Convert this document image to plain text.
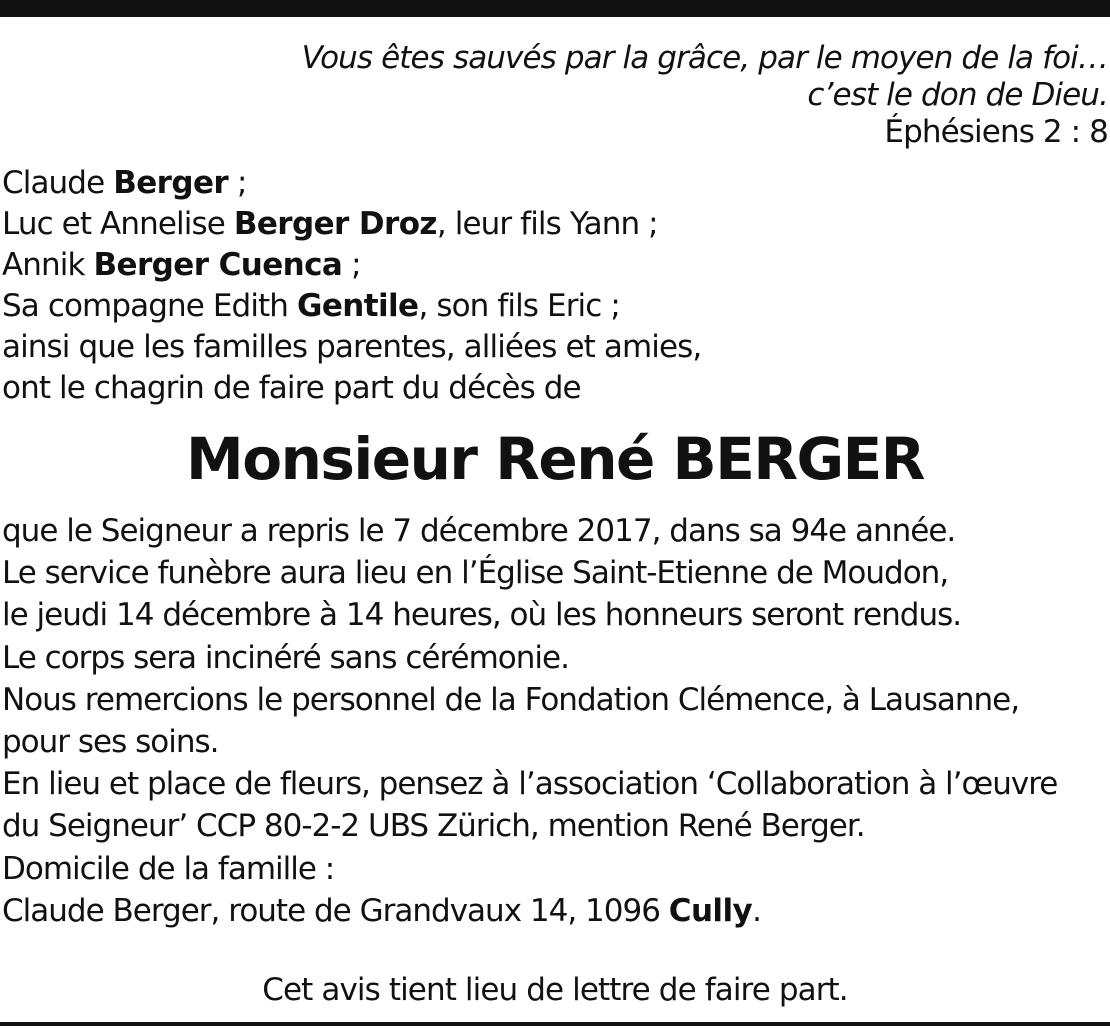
Vous êtes sauvés par la grâce, par le moyen de la foi…
c’est le don de Dieu.
Éphésiens 2 : 8
Claude Berger ;
Luc et Annelise Berger Droz, leur fils Yann ;
Annik Berger Cuenca ;
Sa compagne Edith Gentile, son fils Eric ;
ainsi que les familles parentes, alliées et amies,
ont le chagrin de faire part du décès de
Monsieur René BERGER
que le Seigneur a repris le 7 décembre 2017, dans sa 94e année.
Le service funèbre aura lieu en l’Église Saint-Etienne de Moudon,
le jeudi 14 décembre à 14 heures, où les honneurs seront rendus.
Le corps sera incinéré sans cérémonie.
Nous remercions le personnel de la Fondation Clémence, à Lausanne,
pour ses soins.
En lieu et place de fleurs, pensez à l’association ‘Collaboration à l’œuvre
du Seigneur’ CCP 80-2-2 UBS Zürich, mention René Berger.
Domicile de la famille :
Claude Berger, route de Grandvaux 14, 1096 Cully.
Cet avis tient lieu de lettre de faire part.
